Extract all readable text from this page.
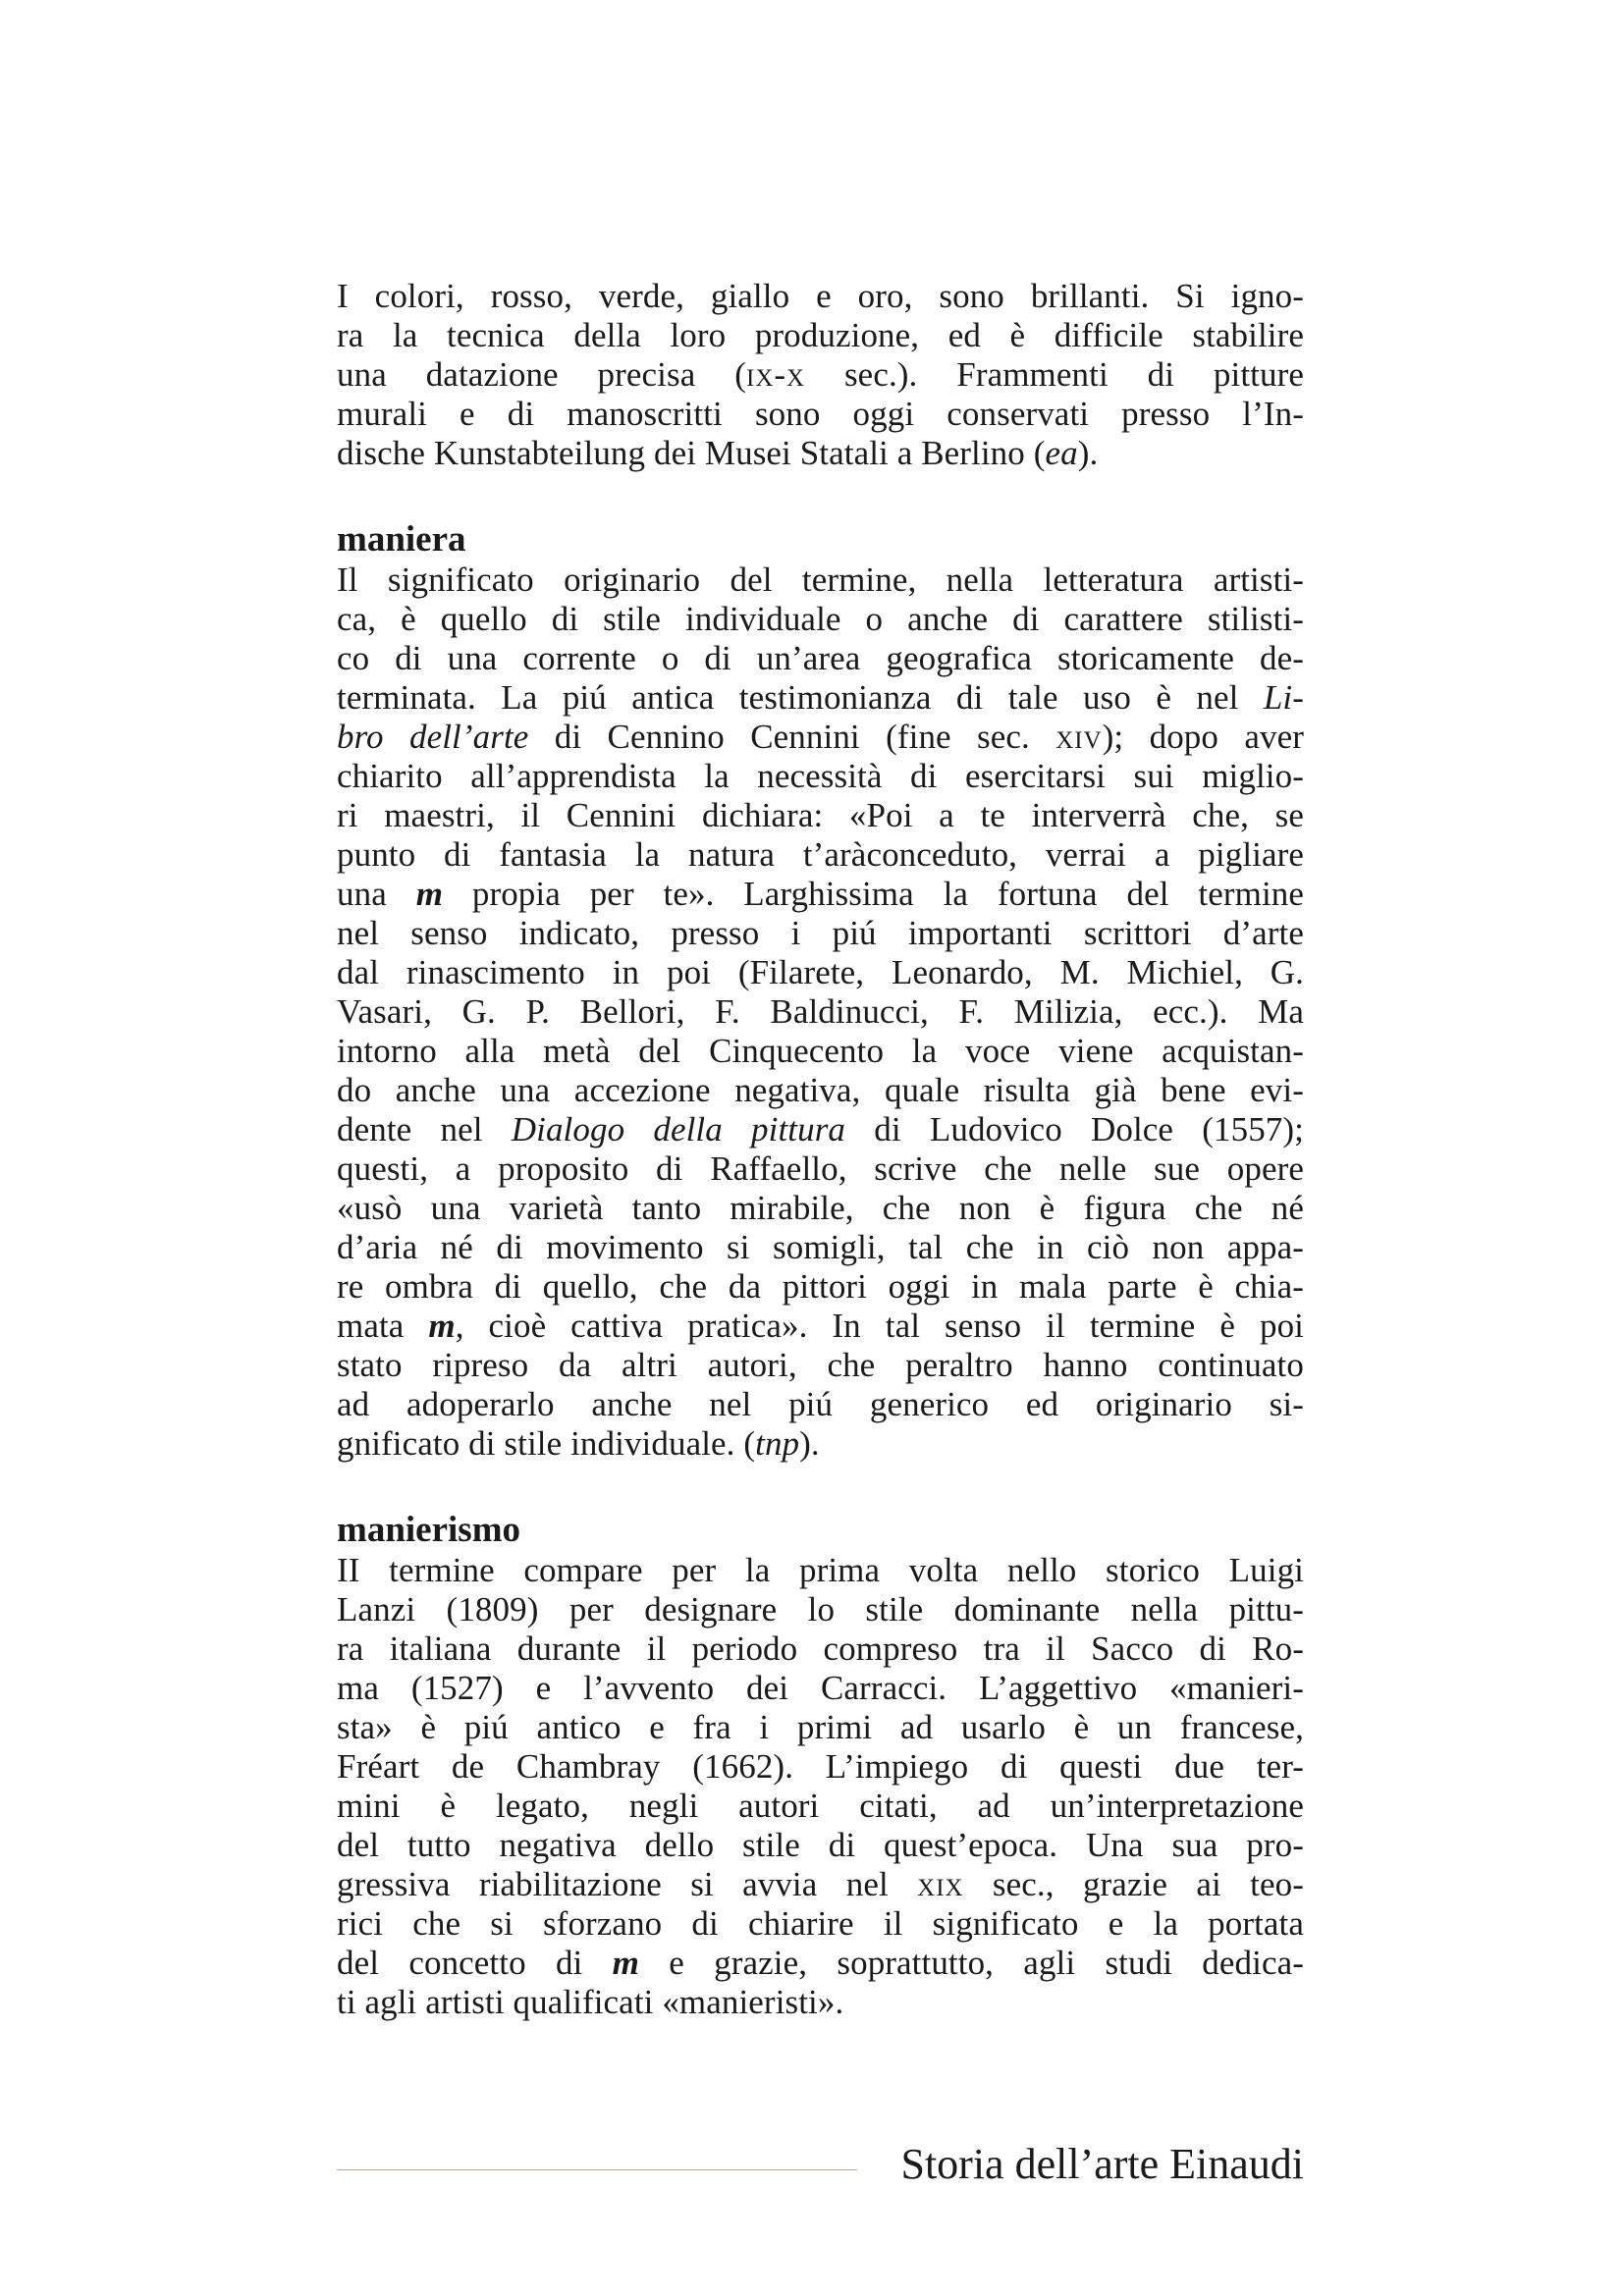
I colori, rosso, verde, giallo e oro, sono brillanti. Si igno-
ra la tecnica della loro produzione, ed è difficile stabilire
una datazione precisa (ix-x sec.). Frammenti di pitture
murali e di manoscritti sono oggi conservati presso l’In-
dische Kunstabteilung dei Musei Statali a Berlino (ea).

maniera

Il significato originario del termine, nella letteratura artisti-
ca, è quello di stile individuale o anche di carattere stilisti-
co di una corrente o di un’area geografica storicamente de-
terminata. La piú antica testimonianza di tale uso è nel Li-
bro dell’arte di Cennino Cennini (fine sec. xiv); dopo aver
chiarito all’apprendista la necessità di esercitarsi sui miglio-
ri maestri, il Cennini dichiara: «Poi a te interverrà che, se
punto di fantasia la natura t’aràconceduto, verrai a pigliare
una m propia per te». Larghissima la fortuna del termine
nel senso indicato, presso i piú importanti scrittori d’arte
dal rinascimento in poi (Filarete, Leonardo, M. Michiel, G.
Vasari, G. P. Bellori, F. Baldinucci, F. Milizia, ecc.). Ma
intorno alla metà del Cinquecento la voce viene acquistan-
do anche una accezione negativa, quale risulta già bene evi-
dente nel Dialogo della pittura di Ludovico Dolce (1557);
questi, a proposito di Raffaello, scrive che nelle sue opere
«usò una varietà tanto mirabile, che non è figura che né
d’aria né di movimento si somigli, tal che in ciò non appa-
re ombra di quello, che da pittori oggi in mala parte è chia-
mata m, cioè cattiva pratica». In tal senso il termine è poi
stato ripreso da altri autori, che peraltro hanno continuato
ad adoperarlo anche nel piú generico ed originario si-
gnificato di stile individuale. (tnp).

manierismo

II termine compare per la prima volta nello storico Luigi
Lanzi (1809) per designare lo stile dominante nella pittu-
ra italiana durante il periodo compreso tra il Sacco di Ro-
ma (1527) e l’avvento dei Carracci. L’aggettivo «manieri-
sta» è piú antico e fra i primi ad usarlo è un francese,
Fréart de Chambray (1662). L’impiego di questi due ter-
mini è legato, negli autori citati, ad un’interpretazione
del tutto negativa dello stile di quest’epoca. Una sua pro-
gressiva riabilitazione si avvia nel xix sec., grazie ai teo-
rici che si sforzano di chiarire il significato e la portata
del concetto di m e grazie, soprattutto, agli studi dedica-
ti agli artisti qualificati «manieristi».

Storia dell’arte Einaudi
